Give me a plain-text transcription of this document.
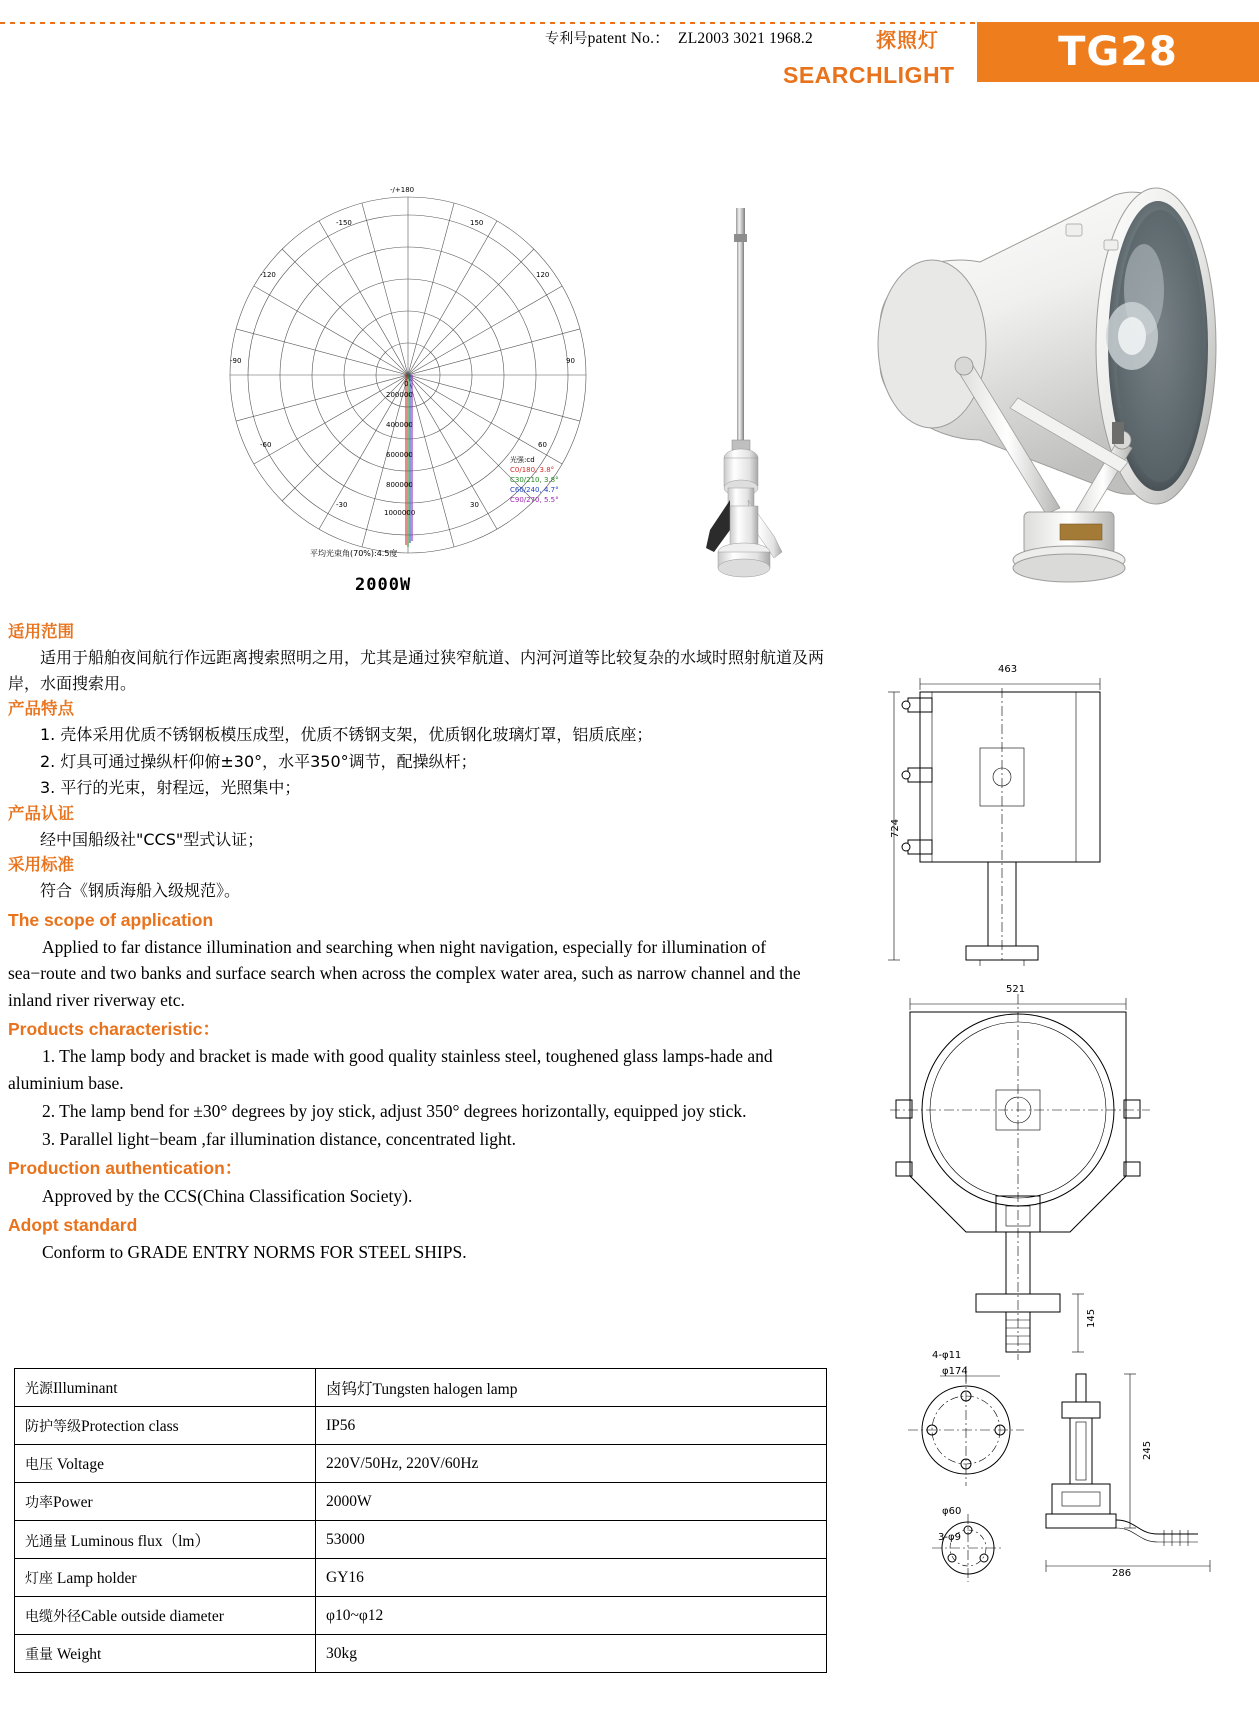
专利号patent No.： ZL2003 3021 1968.2	探照灯
SEARCHLIGHT	TG28
-/+180
150
-150
120
-120
90
-90
60
-60
30
-30
0
200000
400000
600000
800000
1000000
光强:cd
C0/180, 3.8°
C30/210, 3.8°
C60/240, 4.7°
C90/270, 5.5°
平均光束角(70%):4.5度
2000W
适用范围
适用于船舶夜间航行作远距离搜索照明之用，尤其是通过狭窄航道、内河河道等比较复杂的水域时照射航道及两岸，水面搜索用。
产品特点
1. 壳体采用优质不锈钢板模压成型，优质不锈钢支架，优质钢化玻璃灯罩，铝质底座；
2. 灯具可通过操纵杆仰俯±30°，水平350°调节，配操纵杆；
3. 平行的光束，射程远，光照集中；
产品认证
经中国船级社"CCS"型式认证；
采用标准
符合《钢质海船入级规范》。
The scope of application
Applied to far distance illumination and searching when night navigation, especially for illumination of sea−route and two banks and surface search when across the complex water area, such as narrow channel and the inland river riverway etc.
Products characteristic：
1. The lamp body and bracket is made with good quality stainless steel, toughened glass lamps-hade and aluminium base.
2. The lamp bend for ±30° degrees by joy stick, adjust 350° degrees horizontally, equipped joy stick.
3. Parallel light−beam ,far illumination distance, concentrated light.
Production authentication：
Approved by the CCS(China Classification Society).
Adopt standard
Conform to GRADE ENTRY NORMS FOR STEEL SHIPS.
光源Illuminant	卤钨灯Tungsten halogen lamp
防护等级Protection class	IP56
电压 Voltage	220V/50Hz, 220V/60Hz
功率Power	2000W
光通量 Luminous flux（lm）	53000
灯座 Lamp holder	GY16
电缆外径Cable outside diameter	φ10~φ12
重量 Weight	30kg
463
724
521
145
4-φ11
φ174
245
286
φ60
3-φ9
